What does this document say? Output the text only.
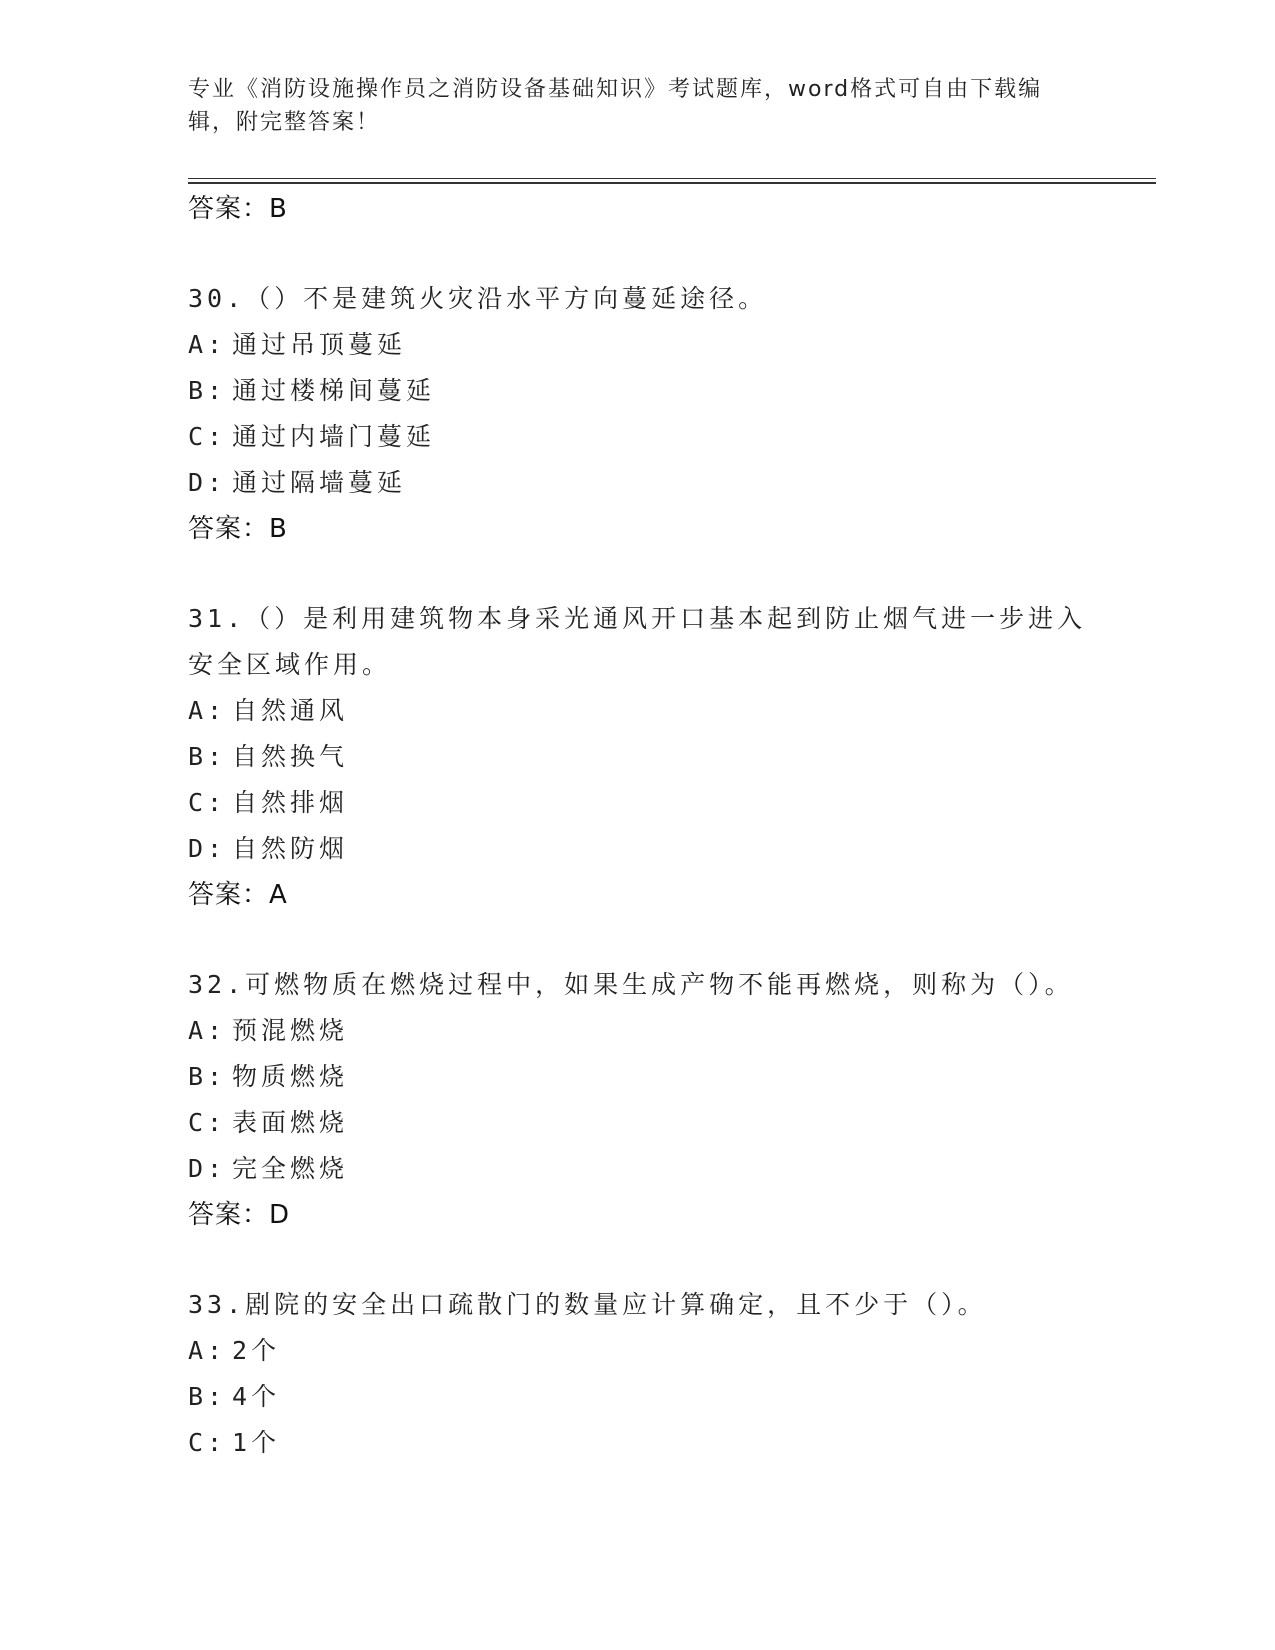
专业《消防设施操作员之消防设备基础知识》考试题库，word格式可自由下载编辑，附完整答案！
答案：B
30.（）不是建筑火灾沿水平方向蔓延途径。
A: 通过吊顶蔓延
B: 通过楼梯间蔓延
C: 通过内墙门蔓延
D: 通过隔墙蔓延
答案：B
31.（）是利用建筑物本身采光通风开口基本起到防止烟气进一步进入安全区域作用。
A: 自然通风
B: 自然换气
C: 自然排烟
D: 自然防烟
答案：A
32.可燃物质在燃烧过程中，如果生成产物不能再燃烧，则称为（）。
A: 预混燃烧
B: 物质燃烧
C: 表面燃烧
D: 完全燃烧
答案：D
33.剧院的安全出口疏散门的数量应计算确定，且不少于（）。
A: 2个
B: 4个
C: 1个
